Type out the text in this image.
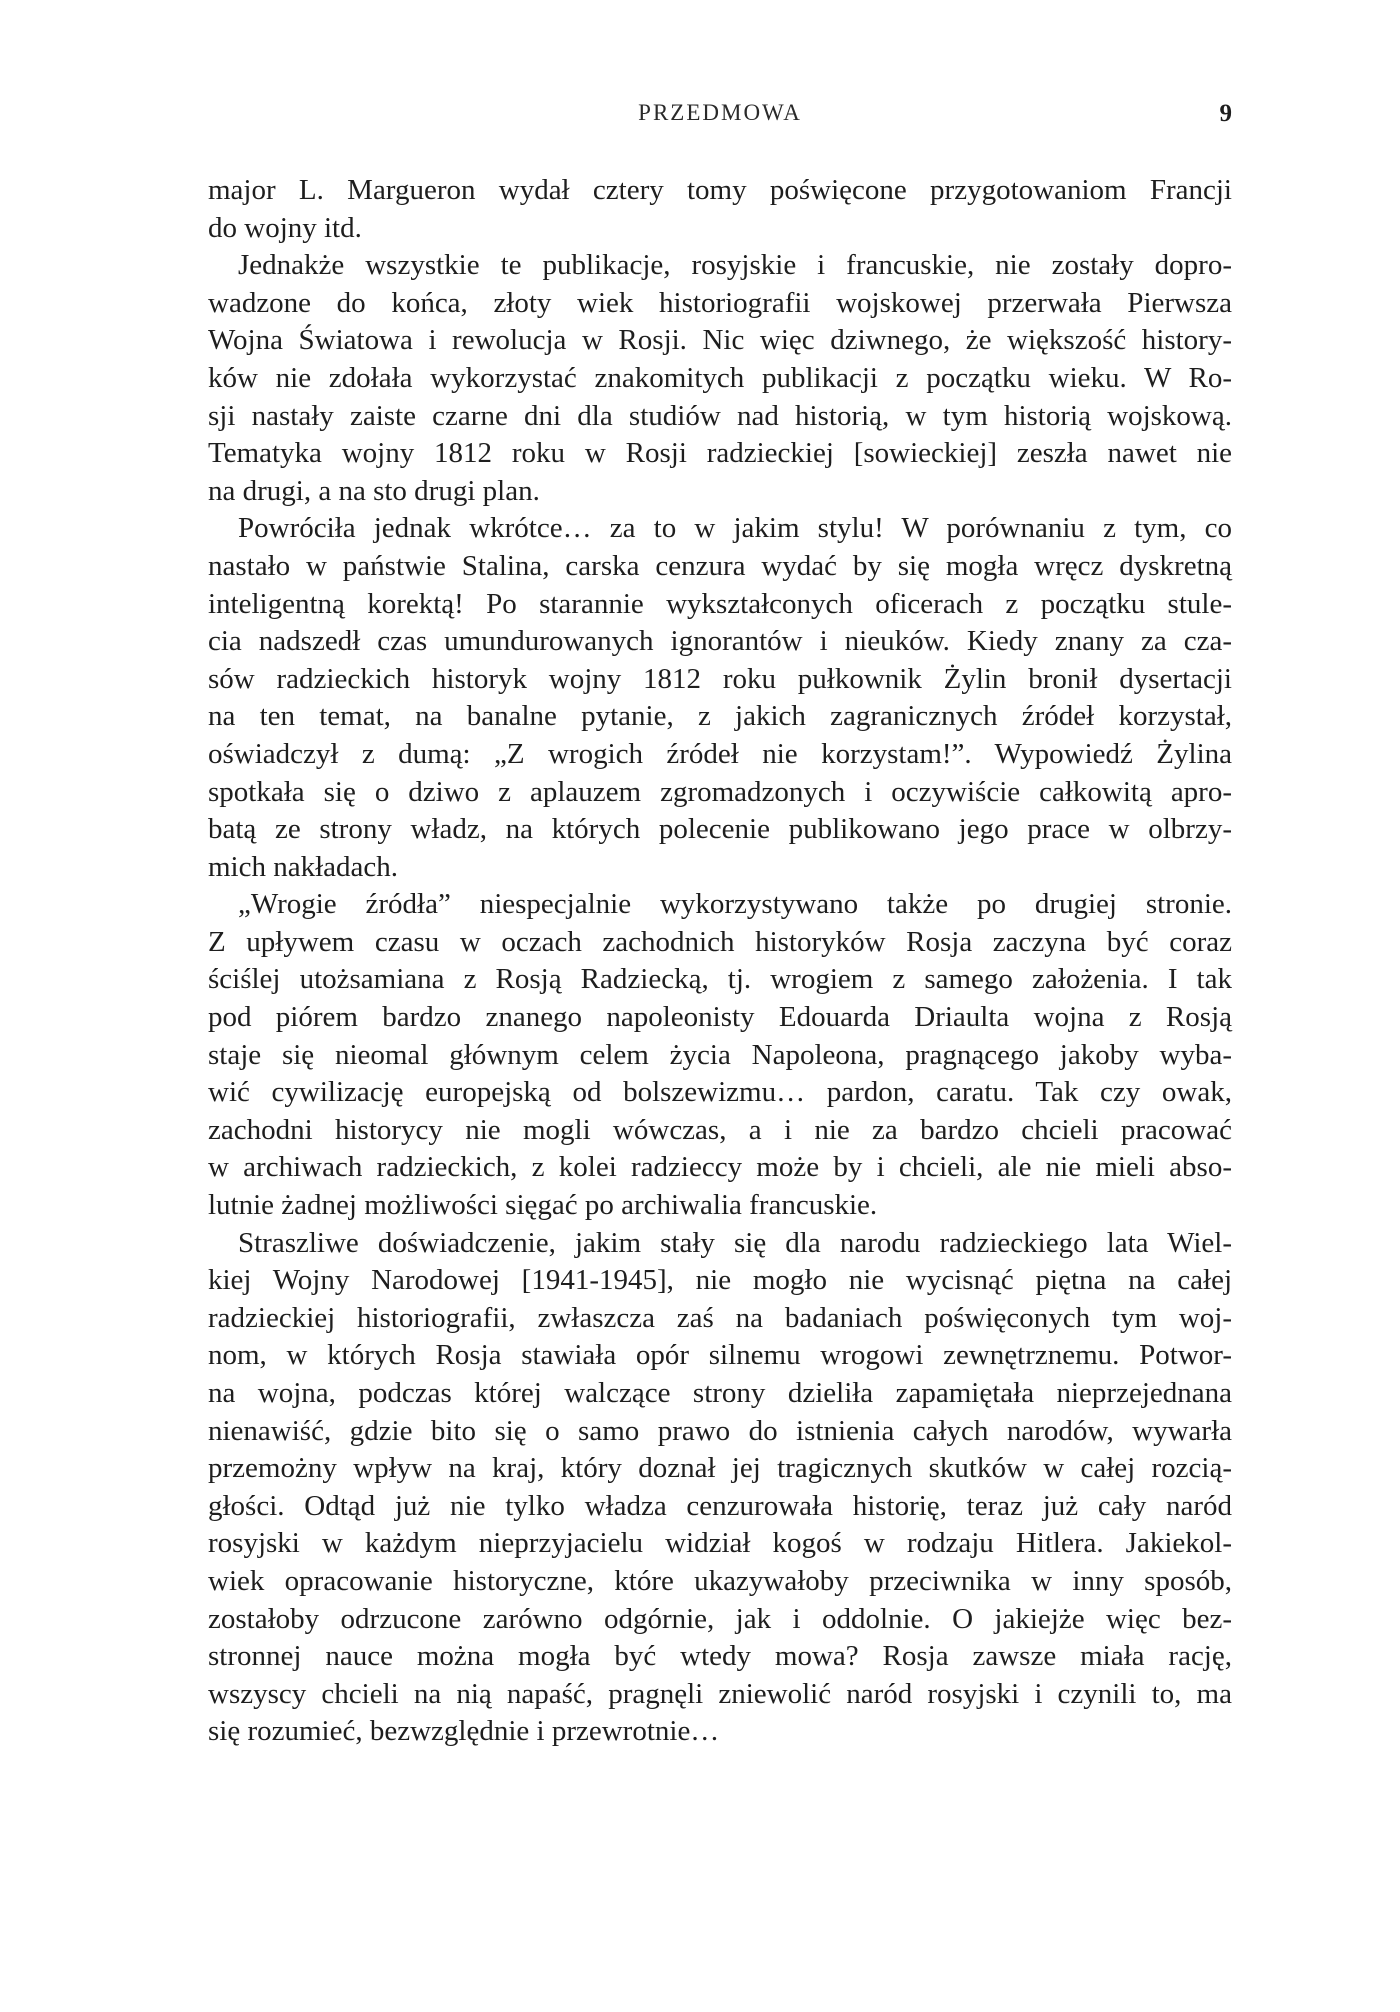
PRZEDMOWA	9
major L. Margueron wydał cztery tomy poświęcone przygotowaniom Francji
do wojny itd.
Jednakże wszystkie te publikacje, rosyjskie i francuskie, nie zostały dopro-
wadzone do końca, złoty wiek historiografii wojskowej przerwała Pierwsza
Wojna Światowa i rewolucja w Rosji. Nic więc dziwnego, że większość history-
ków nie zdołała wykorzystać znakomitych publikacji z początku wieku. W Ro-
sji nastały zaiste czarne dni dla studiów nad historią, w tym historią wojskową.
Tematyka wojny 1812 roku w Rosji radzieckiej [sowieckiej] zeszła nawet nie
na drugi, a na sto drugi plan.
Powróciła jednak wkrótce… za to w jakim stylu! W porównaniu z tym, co
nastało w państwie Stalina, carska cenzura wydać by się mogła wręcz dyskretną
inteligentną korektą! Po starannie wykształconych oficerach z początku stule-
cia nadszedł czas umundurowanych ignorantów i nieuków. Kiedy znany za cza-
sów radzieckich historyk wojny 1812 roku pułkownik Żylin bronił dysertacji
na ten temat, na banalne pytanie, z jakich zagranicznych źródeł korzystał,
oświadczył z dumą: „Z wrogich źródeł nie korzystam!”. Wypowiedź Żylina
spotkała się o dziwo z aplauzem zgromadzonych i oczywiście całkowitą apro-
batą ze strony władz, na których polecenie publikowano jego prace w olbrzy-
mich nakładach.
„Wrogie źródła” niespecjalnie wykorzystywano także po drugiej stronie.
Z upływem czasu w oczach zachodnich historyków Rosja zaczyna być coraz
ściślej utożsamiana z Rosją Radziecką, tj. wrogiem z samego założenia. I tak
pod piórem bardzo znanego napoleonisty Edouarda Driaulta wojna z Rosją
staje się nieomal głównym celem życia Napoleona, pragnącego jakoby wyba-
wić cywilizację europejską od bolszewizmu… pardon, caratu. Tak czy owak,
zachodni historycy nie mogli wówczas, a i nie za bardzo chcieli pracować
w archiwach radzieckich, z kolei radzieccy może by i chcieli, ale nie mieli abso-
lutnie żadnej możliwości sięgać po archiwalia francuskie.
Straszliwe doświadczenie, jakim stały się dla narodu radzieckiego lata Wiel-
kiej Wojny Narodowej [1941-1945], nie mogło nie wycisnąć piętna na całej
radzieckiej historiografii, zwłaszcza zaś na badaniach poświęconych tym woj-
nom, w których Rosja stawiała opór silnemu wrogowi zewnętrznemu. Potwor-
na wojna, podczas której walczące strony dzieliła zapamiętała nieprzejednana
nienawiść, gdzie bito się o samo prawo do istnienia całych narodów, wywarła
przemożny wpływ na kraj, który doznał jej tragicznych skutków w całej rozcią-
głości. Odtąd już nie tylko władza cenzurowała historię, teraz już cały naród
rosyjski w każdym nieprzyjacielu widział kogoś w rodzaju Hitlera. Jakiekol-
wiek opracowanie historyczne, które ukazywałoby przeciwnika w inny sposób,
zostałoby odrzucone zarówno odgórnie, jak i oddolnie. O jakiejże więc bez-
stronnej nauce można mogła być wtedy mowa? Rosja zawsze miała rację,
wszyscy chcieli na nią napaść, pragnęli zniewolić naród rosyjski i czynili to, ma
się rozumieć, bezwzględnie i przewrotnie…
